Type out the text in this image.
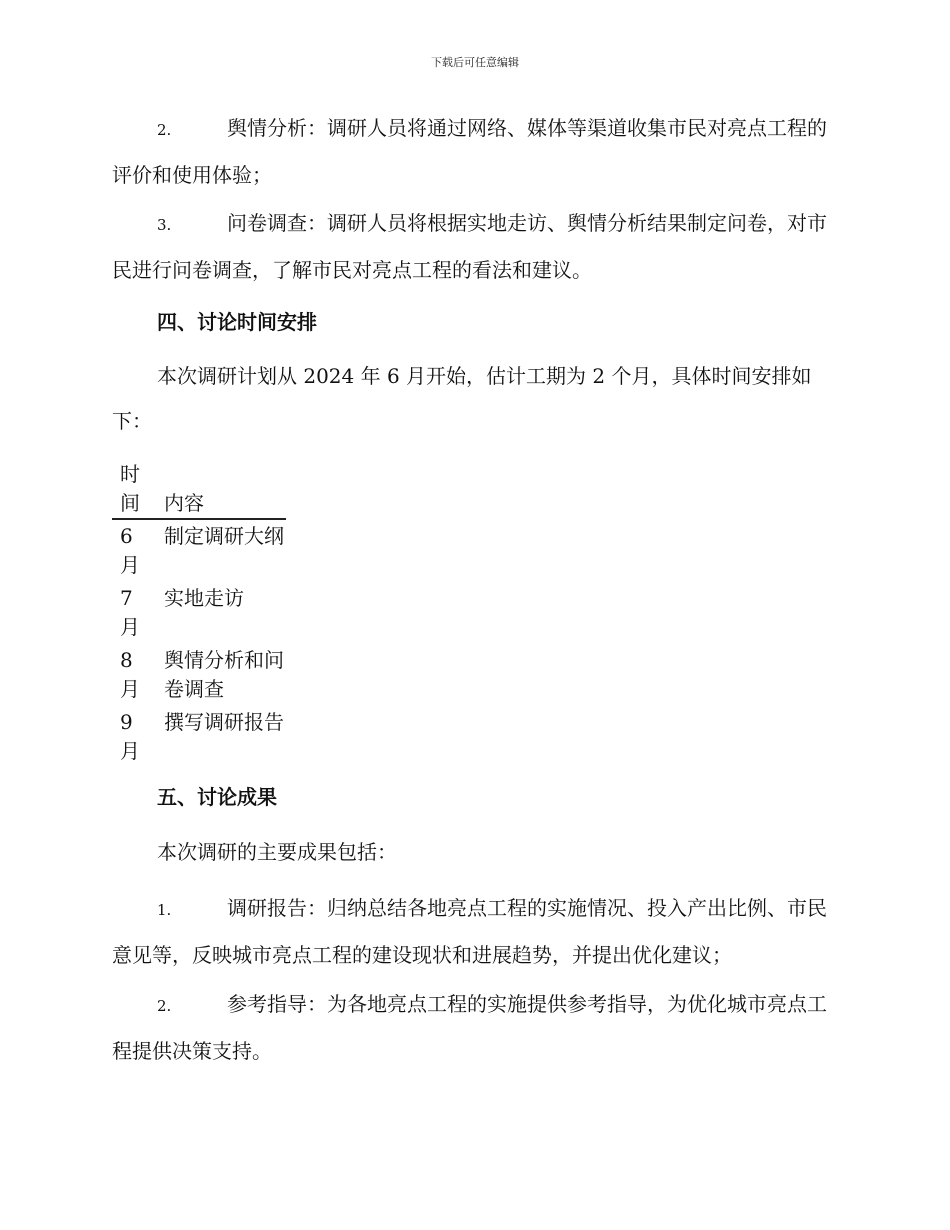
下载后可任意编辑

2.	舆情分析：调研人员将通过网络、媒体等渠道收集市民对亮点工程的评价和使用体验；

3.	问卷调查：调研人员将根据实地走访、舆情分析结果制定问卷，对市民进行问卷调查，了解市民对亮点工程的看法和建议。

四、讨论时间安排

本次调研计划从 2024 年 6 月开始，估计工期为 2 个月，具体时间安排如下：

时间	内容
6月	制定调研大纲
7月	实地走访
8月	舆情分析和问卷调查
9月	撰写调研报告
五、讨论成果

本次调研的主要成果包括：

1.	调研报告：归纳总结各地亮点工程的实施情况、投入产出比例、市民意见等，反映城市亮点工程的建设现状和进展趋势，并提出优化建议；

2.	参考指导：为各地亮点工程的实施提供参考指导，为优化城市亮点工程提供决策支持。
